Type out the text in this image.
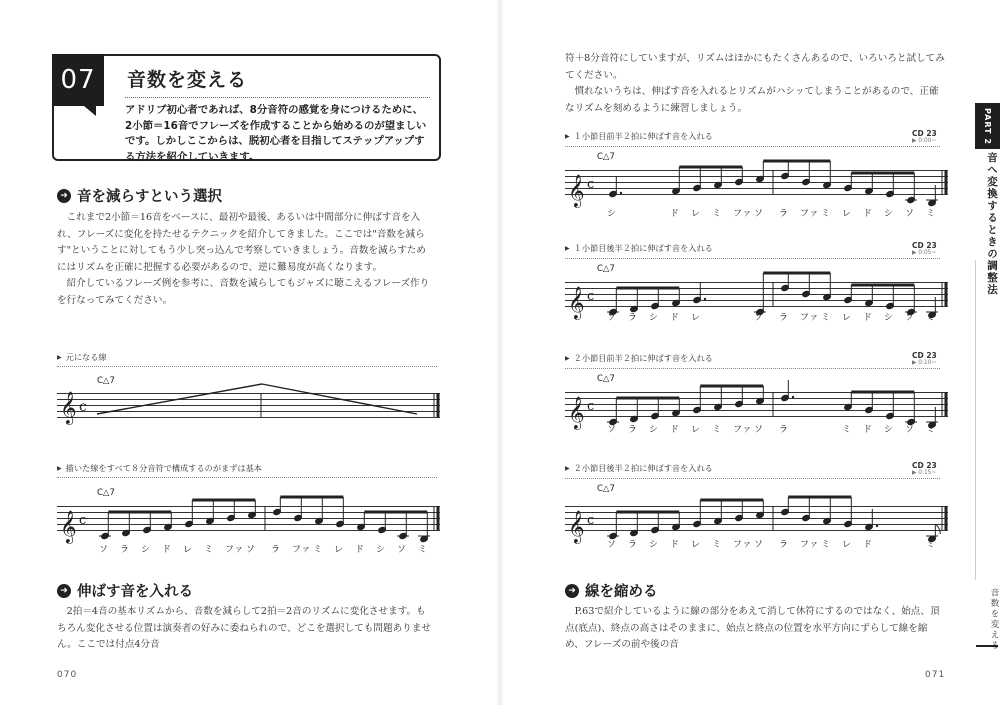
07	音数を変える
アドリブ初心者であれば、8分音符の感覚を身につけるために、2小節＝16音でフレーズを作成することから始めるのが望ましいです。しかしここからは、脱初心者を目指してステップアップする方法を紹介していきます。
➜ 音を減らすという選択
　これまで2小節＝16音をベースに、最初や最後、あるいは中間部分に伸ばす音を入れ、フレーズに変化を持たせるテクニックを紹介してきました。ここでは"音数を減らす"ということに対してもう少し突っ込んで考察していきましょう。音数を減らすためにはリズムを正確に把握する必要があるので、逆に難易度が高くなります。
　紹介しているフレーズ例を参考に、音数を減らしてもジャズに聴こえるフレーズ作りを行なってみてください。
▶ 元になる線
C△7
𝄞 c
▶ 描いた線をすべて８分音符で構成するのがまずは基本
C△7
𝄞 c
ソ ラ シ ド レ ミ ファ ソ ラ ファ ミ レ ド シ ソ ミ
➜ 伸ばす音を入れる
　2拍＝4音の基本リズムから、音数を減らして2拍＝2音のリズムに変化させます。もちろん変化させる位置は演奏者の好みに委ねられので、どこを選択しても問題ありません。ここでは付点4分音
070
符＋8分音符にしていますが、リズムはほかにもたくさんあるので、いろいろと試してみてください。
　慣れないうちは、伸ばす音を入れるとリズムがハシッてしまうことがあるので、正確なリズムを刻めるように練習しましょう。
▶ １小節目前半２拍に伸ばす音を入れる	CD 23
▶ 0:00~
C△7
𝄞 c
シ	ド レ ミ ファ ソ ラ ファ ミ レ ド シ ソ ミ
▶ １小節目後半２拍に伸ばす音を入れる	CD 23
▶ 0:05~
C△7
𝄞 c
ソ ラ シ ド レ	ソ ラ ファ ミ レ ド シ ソ ミ
▶ ２小節目前半２拍に伸ばす音を入れる	CD 23
▶ 0:10~
C△7
𝄞 c
ソ ラ シ ド レ ミ ファ ソ ラ	ミ ド シ ソ ミ
▶ ２小節目後半２拍に伸ばす音を入れる	CD 23
▶ 0:15~
C△7
𝄞 c
ソ ラ シ ド レ ミ ファ ソ ラ ファ ミ レ ド	ミ
➜ 線を縮める
　P.63で紹介しているように線の部分をあえて消して休符にするのではなく、始点、頂点(底点)、終点の高さはそのままに、始点と終点の位置を水平方向にずらして線を縮め、フレーズの前や後の音
071
PART 2
音へ変換するときの調整法
音数を変える
